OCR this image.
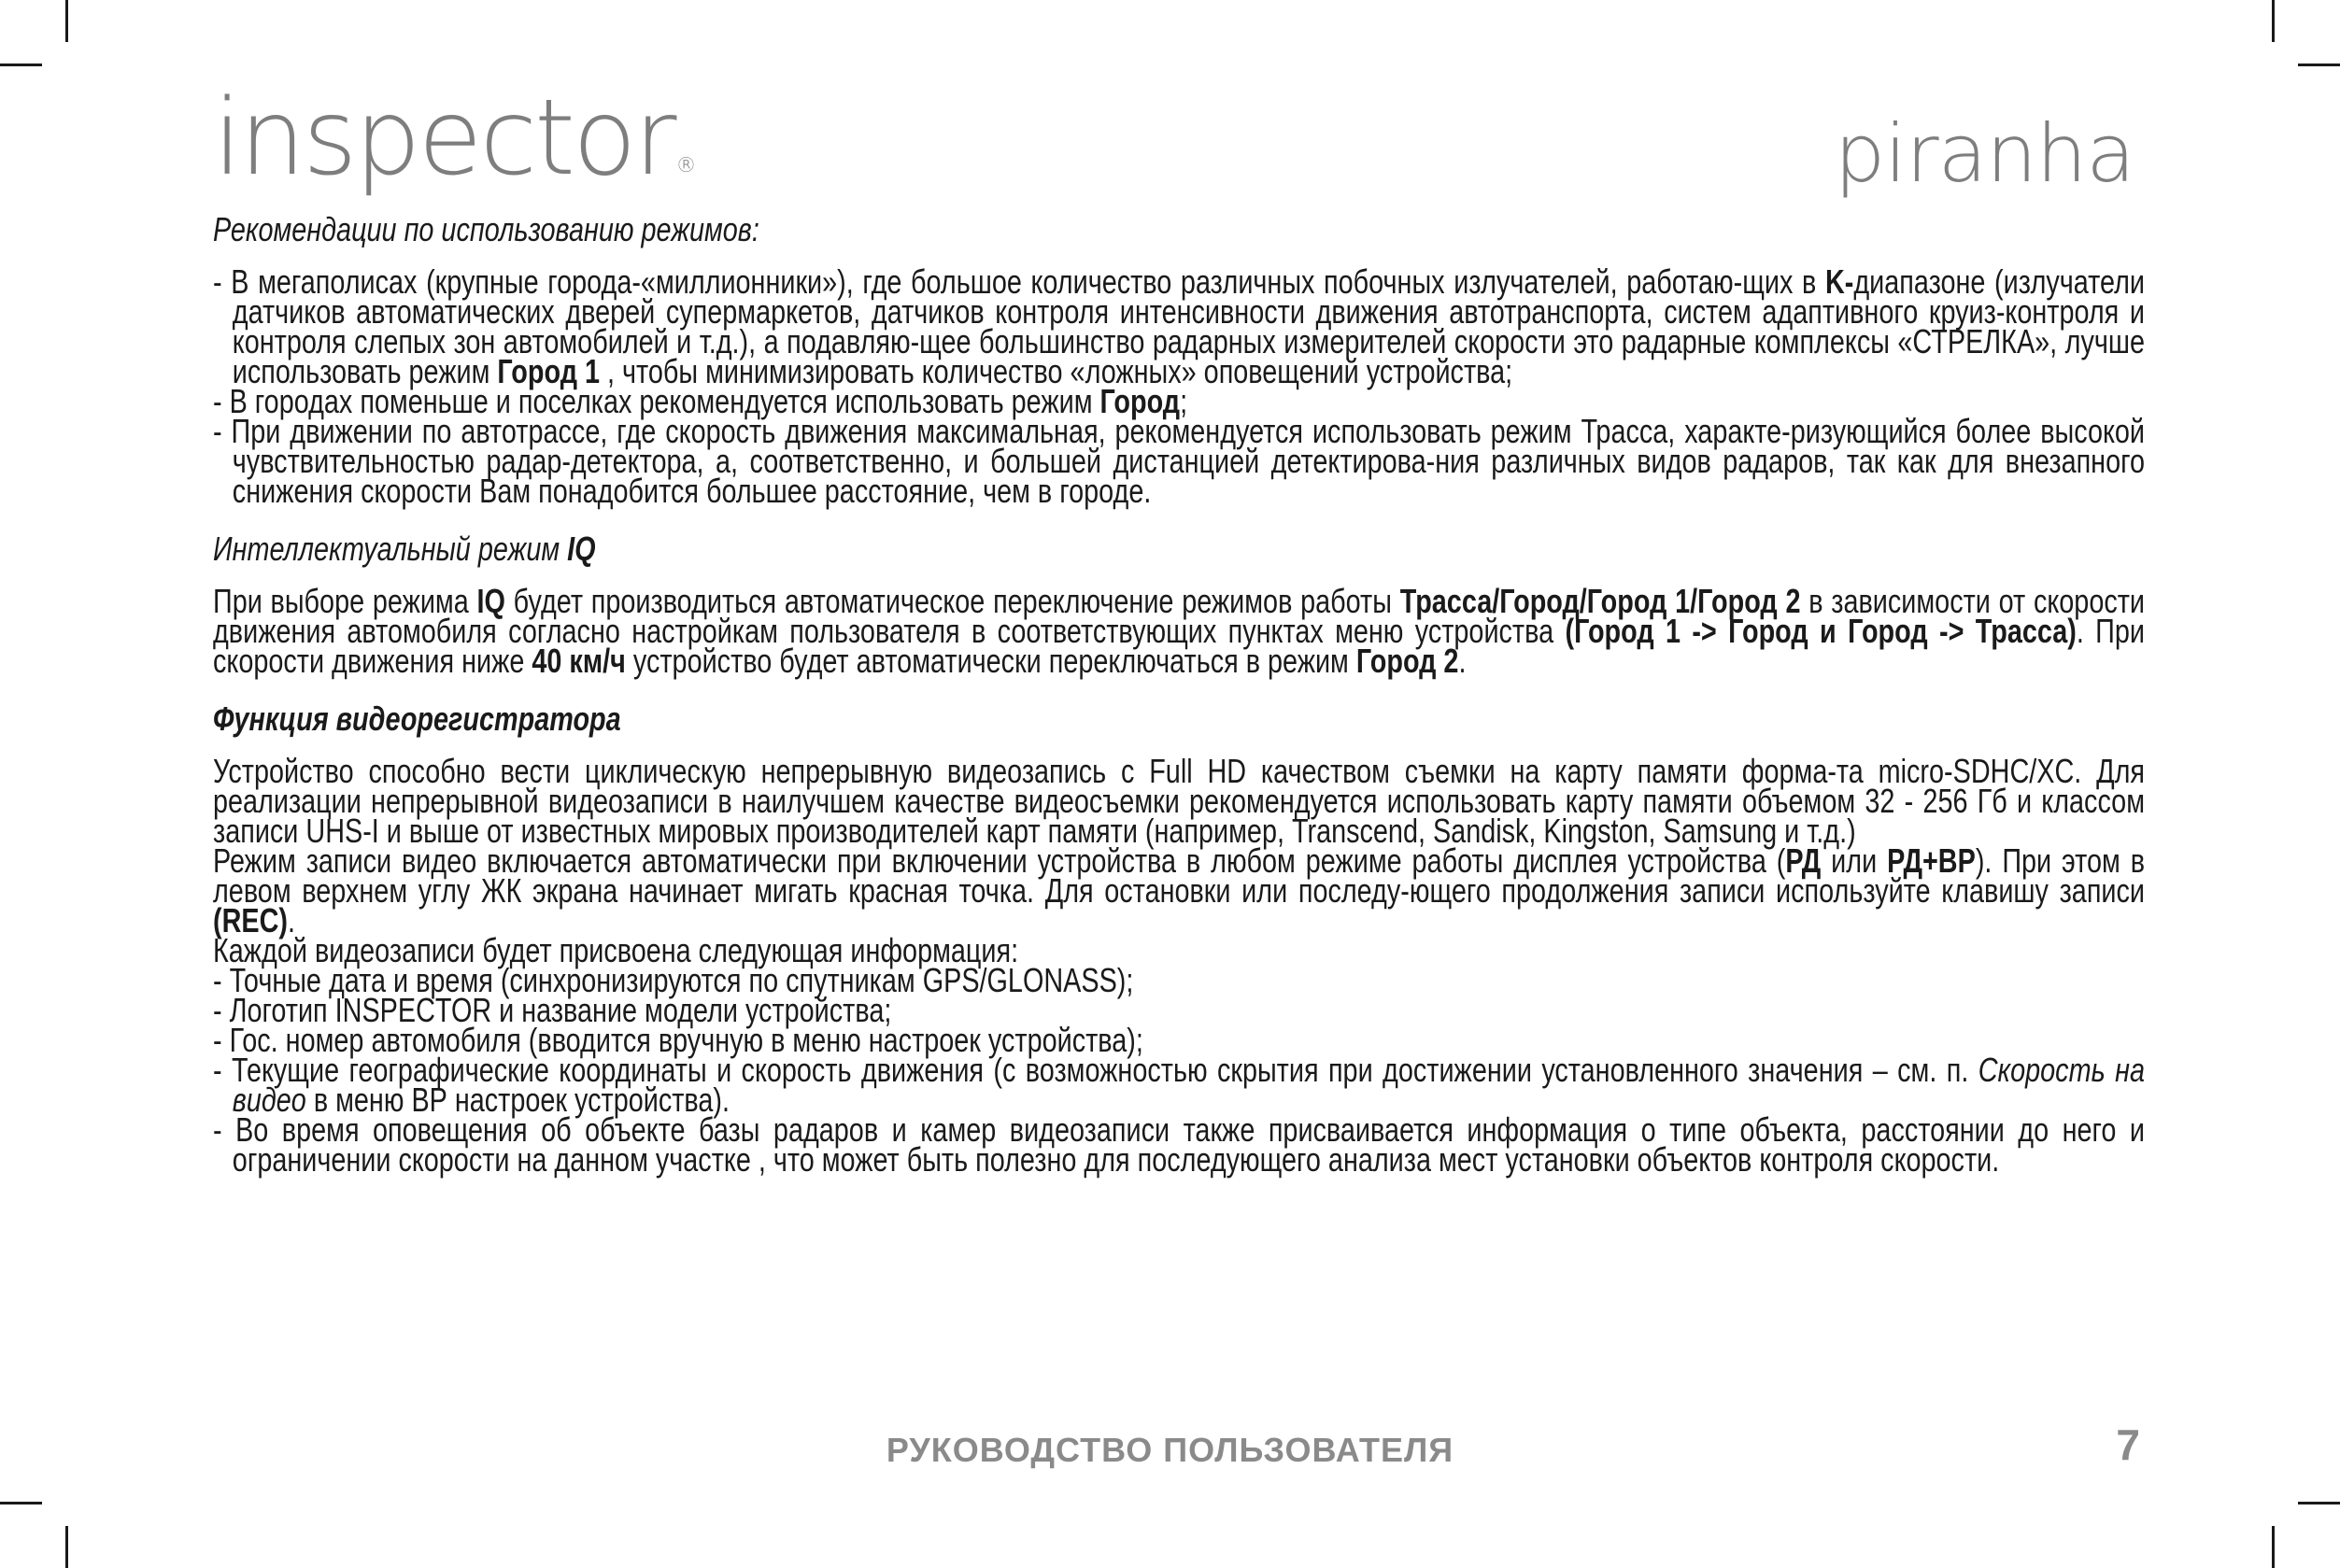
inspector®	piranha
Рекомендации по использованию режимов:

- В мегаполисах (крупные города-«миллионники»), где большое количество различных побочных излучателей, работаю-щих в K-диапазоне (излучатели датчиков автоматических дверей супермаркетов, датчиков контроля интенсивности движения автотранспорта, систем адаптивного круиз-контроля и контроля слепых зон автомобилей и т.д.), а подавляю-щее большинство радарных измерителей скорости это радарные комплексы «СТРЕЛКА», лучше использовать режим Город 1 , чтобы минимизировать количество «ложных» оповещений устройства;

- В городах поменьше и поселках рекомендуется использовать режим Город;

- При движении по автотрассе, где скорость движения максимальная, рекомендуется использовать режим Трасса, характе-ризующийся более высокой чувствительностью радар-детектора, а, соответственно, и большей дистанцией детектирова-ния различных видов радаров, так как для внезапного снижения скорости Вам понадобится большее расстояние, чем в городе.

Интеллектуальный режим IQ

При выборе режима IQ будет производиться автоматическое переключение режимов работы Трасса/Город/Город 1/Город 2 в зависимости от скорости движения автомобиля согласно настройкам пользователя в соответствующих пунктах меню устройства (Город 1 -> Город и Город -> Трасса). При скорости движения ниже 40 км/ч устройство будет автоматически переключаться в режим Город 2.

Функция видеорегистратора

Устройство способно вести циклическую непрерывную видеозапись с Full HD качеством съемки на карту памяти форма-та micro-SDHC/XC. Для реализации непрерывной видеозаписи в наилучшем качестве видеосъемки рекомендуется использовать карту памяти объемом 32 - 256 Гб и классом записи UHS-I и выше от известных мировых производителей карт памяти (например, Transcend, Sandisk, Kingston, Samsung и т.д.)

Режим записи видео включается автоматически при включении устройства в любом режиме работы дисплея устройства (РД или РД+ВР). При этом в левом верхнем углу ЖК экрана начинает мигать красная точка. Для остановки или последу-ющего продолжения записи используйте клавишу записи (REC).

Каждой видеозаписи будет присвоена следующая информация:

- Точные дата и время (синхронизируются по спутникам GPS/GLONASS);

- Логотип INSPECTOR и название модели устройства;

- Гос. номер автомобиля (вводится вручную в меню настроек устройства);

- Текущие географические координаты и скорость движения (с возможностью скрытия при достижении установленного значения – см. п. Скорость на видео в меню ВР настроек устройства).

- Во время оповещения об объекте базы радаров и камер видеозаписи также присваивается информация о типе объекта, расстоянии до него и ограничении скорости на данном участке , что может быть полезно для последующего анализа мест установки объектов контроля скорости.

РУКОВОДСТВО ПОЛЬЗОВАТЕЛЯ	7
